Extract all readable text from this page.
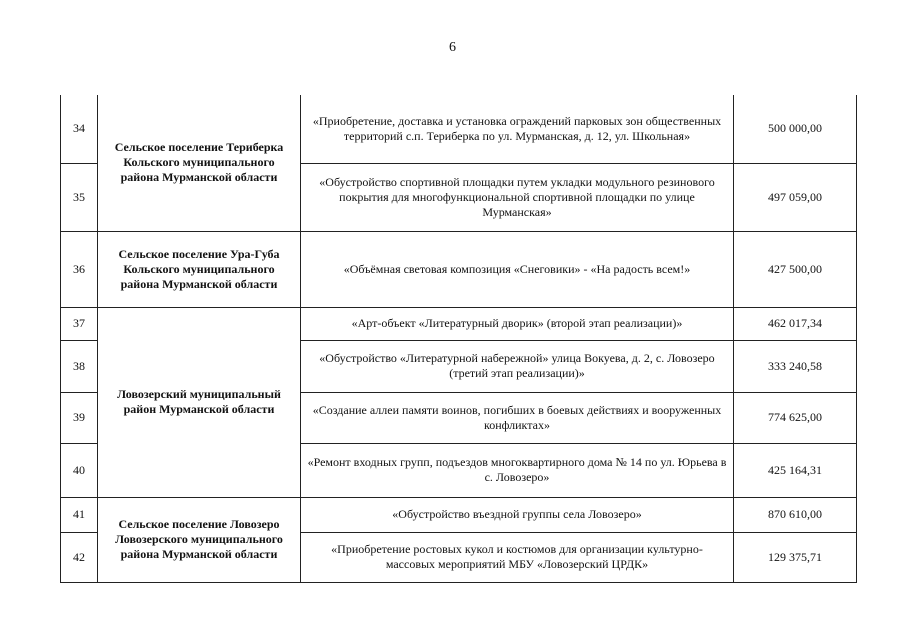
6
34	Сельское поселение Териберка Кольского муниципального района Мурманской области	«Приобретение, доставка и установка ограждений парковых зон общественных территорий с.п. Териберка по ул. Мурманская, д. 12, ул. Школьная»	500 000,00
35		«Обустройство спортивной площадки путем укладки модульного резинового покрытия для многофункциональной спортивной площадки по улице Мурманская»	497 059,00
36	Сельское поселение Ура-Губа Кольского муниципального района Мурманской области	«Объёмная световая композиция «Снеговики» - «На радость всем!»	427 500,00
37	Ловозерский муниципальный район Мурманской области	«Арт-объект «Литературный дворик» (второй этап реализации)»	462 017,34
38		«Обустройство «Литературной набережной» улица Вокуева, д. 2, с. Ловозеро (третий этап реализации)»	333 240,58
39		«Создание аллеи памяти воинов, погибших в боевых действиях и вооруженных конфликтах»	774 625,00
40		«Ремонт входных групп, подъездов многоквартирного дома № 14 по ул. Юрьева в с. Ловозеро»	425 164,31
41	Сельское поселение Ловозеро Ловозерского муниципального района Мурманской области	«Обустройство въездной группы села Ловозеро»	870 610,00
42		«Приобретение ростовых кукол и костюмов для организации культурно-массовых мероприятий МБУ «Ловозерский ЦРДК»	129 375,71
